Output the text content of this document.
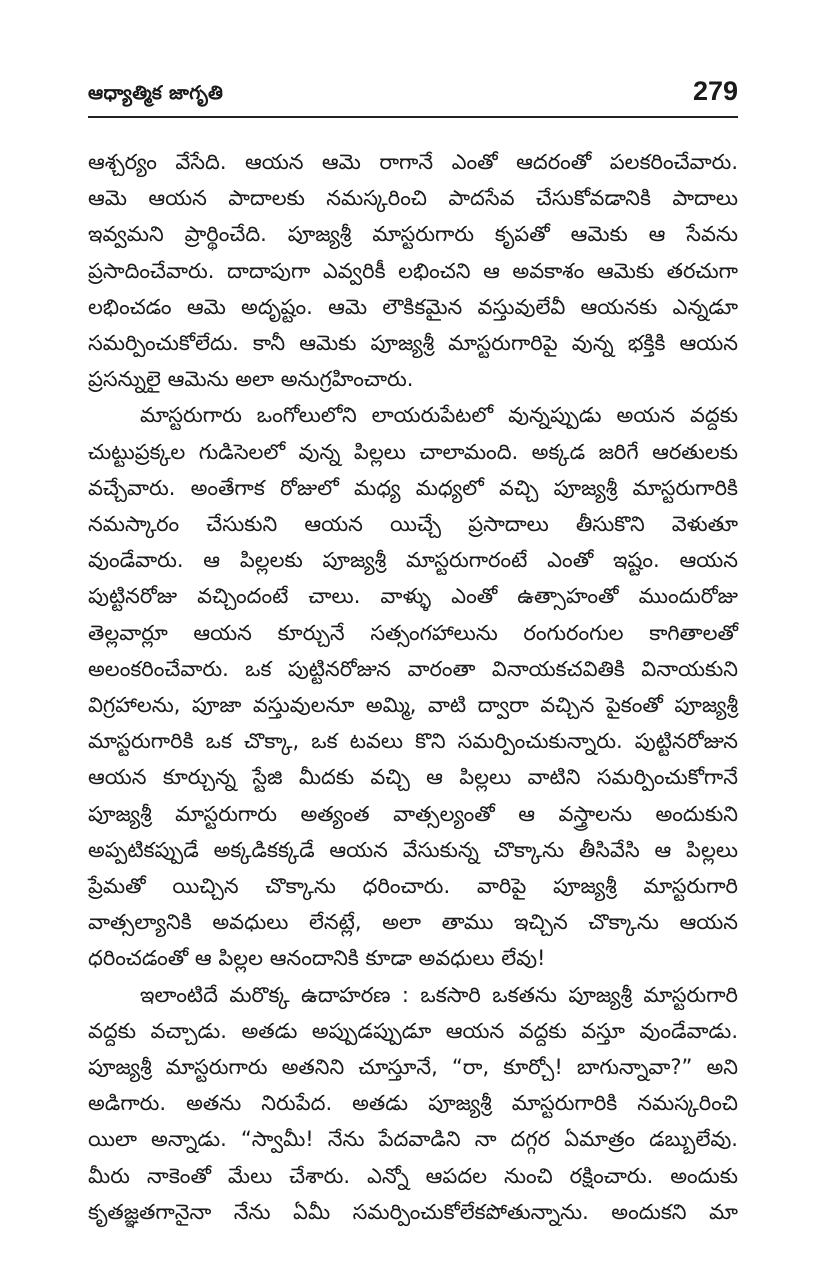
ఆధ్యాత్మిక జాగృతి	279

ఆశ్చర్యం వేసేది. ఆయన ఆమె రాగానే ఎంతో ఆదరంతో పలకరించేవారు.
ఆమె ఆయన పాదాలకు నమస్కరించి పాదసేవ చేసుకోవడానికి పాదాలు
ఇవ్వమని ప్రార్థించేది. పూజ్యశ్రీ మాస్టరుగారు కృపతో ఆమెకు ఆ సేవను
ప్రసాదించేవారు. దాదాపుగా ఎవ్వరికీ లభించని ఆ అవకాశం ఆమెకు తరచుగా
లభించడం ఆమె అదృష్టం. ఆమె లౌకికమైన వస్తువులేవీ ఆయనకు ఎన్నడూ
సమర్పించుకోలేదు. కానీ ఆమెకు పూజ్యశ్రీ మాస్టరుగారిపై వున్న భక్తికి ఆయన
ప్రసన్నులై ఆమెను అలా అనుగ్రహించారు.

మాస్టరుగారు ఒంగోలులోని లాయరుపేటలో వున్నప్పుడు అయన వద్దకు
చుట్టుప్రక్కల గుడిసెలలో వున్న పిల్లలు చాలామంది. అక్కడ జరిగే ఆరతులకు
వచ్చేవారు. అంతేగాక రోజులో మధ్య మధ్యలో వచ్చి పూజ్యశ్రీ మాస్టరుగారికి
నమస్కారం చేసుకుని ఆయన యిచ్చే ప్రసాదాలు తీసుకొని వెళుతూ
వుండేవారు. ఆ పిల్లలకు పూజ్యశ్రీ మాస్టరుగారంటే ఎంతో ఇష్టం. ఆయన
పుట్టినరోజు వచ్చిందంటే చాలు. వాళ్ళు ఎంతో ఉత్సాహంతో ముందురోజు
తెల్లవార్లూ ఆయన కూర్చునే సత్సంగహాలును రంగురంగుల కాగితాలతో
అలంకరించేవారు. ఒక పుట్టినరోజున వారంతా వినాయకచవితికి వినాయకుని
విగ్రహాలను, పూజా వస్తువులనూ అమ్మి, వాటి ద్వారా వచ్చిన పైకంతో పూజ్యశ్రీ
మాస్టరుగారికి ఒక చొక్కా, ఒక టవలు కొని సమర్పించుకున్నారు. పుట్టినరోజున
ఆయన కూర్చున్న స్టేజి మీదకు వచ్చి ఆ పిల్లలు వాటిని సమర్పించుకోగానే
పూజ్యశ్రీ మాస్టరుగారు అత్యంత వాత్సల్యంతో ఆ వస్త్రాలను అందుకుని
అప్పటికప్పుడే అక్కడికక్కడే ఆయన వేసుకున్న చొక్కాను తీసివేసి ఆ పిల్లలు
ప్రేమతో యిచ్చిన చొక్కాను ధరించారు. వారిపై పూజ్యశ్రీ మాస్టరుగారి
వాత్సల్యానికి అవధులు లేనట్లే, అలా తాము ఇచ్చిన చొక్కాను ఆయన
ధరించడంతో ఆ పిల్లల ఆనందానికి కూడా అవధులు లేవు!

ఇలాంటిదే మరొక్క ఉదాహరణ : ఒకసారి ఒకతను పూజ్యశ్రీ మాస్టరుగారి
వద్దకు వచ్చాడు. అతడు అప్పుడప్పుడూ ఆయన వద్దకు వస్తూ వుండేవాడు.
పూజ్యశ్రీ మాస్టరుగారు అతనిని చూస్తూనే, “రా, కూర్చో! బాగున్నావా?” అని
అడిగారు. అతను నిరుపేద. అతడు పూజ్యశ్రీ మాస్టరుగారికి నమస్కరించి
యిలా అన్నాడు. “స్వామీ! నేను పేదవాడిని నా దగ్గర ఏమాత్రం డబ్బులేవు.
మీరు నాకెంతో మేలు చేశారు. ఎన్నో ఆపదల నుంచి రక్షించారు. అందుకు
కృతజ్ఞతగానైనా నేను ఏమీ సమర్పించుకోలేకపోతున్నాను. అందుకని మా
